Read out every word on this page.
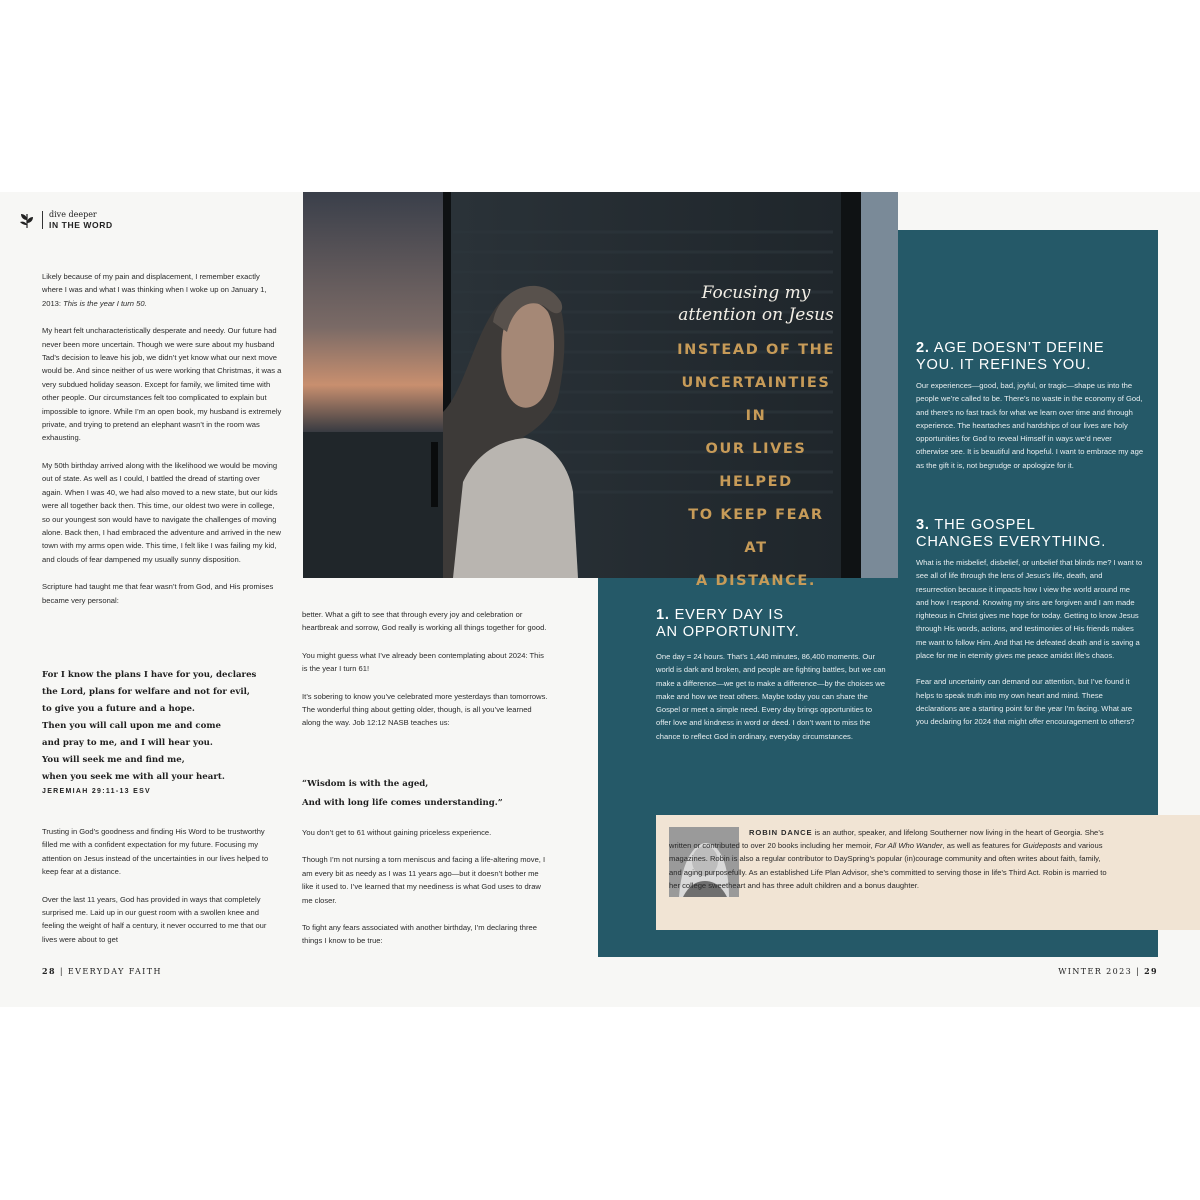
dive deeper
IN THE WORD

Likely because of my pain and displacement, I remember exactly where I was and what I was thinking when I woke up on January 1, 2013: This is the year I turn 50.

My heart felt uncharacteristically desperate and needy. Our future had never been more uncertain. Though we were sure about my husband Tad’s decision to leave his job, we didn’t yet know what our next move would be. And since neither of us were working that Christmas, it was a very subdued holiday season. Except for family, we limited time with other people. Our circumstances felt too complicated to explain but impossible to ignore. While I’m an open book, my husband is extremely private, and trying to pretend an elephant wasn’t in the room was exhausting.

My 50th birthday arrived along with the likelihood we would be moving out of state. As well as I could, I battled the dread of starting over again. When I was 40, we had also moved to a new state, but our kids were all together back then. This time, our oldest two were in college, so our youngest son would have to navigate the challenges of moving alone. Back then, I had embraced the adventure and arrived in the new town with my arms open wide. This time, I felt like I was failing my kid, and clouds of fear dampened my usually sunny disposition.

Scripture had taught me that fear wasn’t from God, and His promises became very personal:

For I know the plans I have for you, declares

the Lord, plans for welfare and not for evil,

to give you a future and a hope.

Then you will call upon me and come

and pray to me, and I will hear you.

You will seek me and find me,

when you seek me with all your heart.

JEREMIAH 29:11-13 ESV

Trusting in God’s goodness and finding His Word to be trustworthy filled me with a confident expectation for my future. Focusing my attention on Jesus instead of the uncertainties in our lives helped to keep fear at a distance.

Over the last 11 years, God has provided in ways that completely surprised me. Laid up in our guest room with a swollen knee and feeling the weight of half a century, it never occurred to me that our lives were about to get

better. What a gift to see that through every joy and celebration or heartbreak and sorrow, God really is working all things together for good.

You might guess what I’ve already been contemplating about 2024: This is the year I turn 61!

It’s sobering to know you’ve celebrated more yesterdays than tomorrows. The wonderful thing about getting older, though, is all you’ve learned along the way. Job 12:12 NASB teaches us:

“Wisdom is with the aged,

And with long life comes understanding.”

You don’t get to 61 without gaining priceless experience.

Though I’m not nursing a torn meniscus and facing a life-altering move, I am every bit as needy as I was 11 years ago—but it doesn’t bother me like it used to. I’ve learned that my neediness is what God uses to draw me closer.

To fight any fears associated with another birthday, I’m declaring three things I know to be true:

Focusing my
attention on Jesus
INSTEAD OF THE
UNCERTAINTIES IN
OUR LIVES HELPED
TO KEEP FEAR AT
A DISTANCE.
1. EVERY DAY IS
AN OPPORTUNITY.

One day = 24 hours. That’s 1,440 minutes, 86,400 moments. Our world is dark and broken, and people are fighting battles, but we can make a difference—we get to make a difference—by the choices we make and how we treat others. Maybe today you can share the Gospel or meet a simple need. Every day brings opportunities to offer love and kindness in word or deed. I don’t want to miss the chance to reflect God in ordinary, everyday circumstances.

2. AGE DOESN’T DEFINE
YOU. IT REFINES YOU.

Our experiences—good, bad, joyful, or tragic—shape us into the people we’re called to be. There’s no waste in the economy of God, and there’s no fast track for what we learn over time and through experience. The heartaches and hardships of our lives are holy opportunities for God to reveal Himself in ways we’d never otherwise see. It is beautiful and hopeful. I want to embrace my age as the gift it is, not begrudge or apologize for it.

3. THE GOSPEL
CHANGES EVERYTHING.

What is the misbelief, disbelief, or unbelief that blinds me? I want to see all of life through the lens of Jesus’s life, death, and resurrection because it impacts how I view the world around me and how I respond. Knowing my sins are forgiven and I am made righteous in Christ gives me hope for today. Getting to know Jesus through His words, actions, and testimonies of His friends makes me want to follow Him. And that He defeated death and is saving a place for me in eternity gives me peace amidst life’s chaos.

Fear and uncertainty can demand our attention, but I’ve found it helps to speak truth into my own heart and mind. These declarations are a starting point for the year I’m facing. What are you declaring for 2024 that might offer encouragement to others?

ROBIN DANCE is an author, speaker, and lifelong Southerner now living in the heart of Georgia. She’s written or contributed to over 20 books including her memoir, For All Who Wander, as well as features for Guideposts and various magazines. Robin is also a regular contributor to DaySpring’s popular (in)courage community and often writes about faith, family, and aging purposefully. As an established Life Plan Advisor, she’s committed to serving those in life’s Third Act. Robin is married to her college sweetheart and has three adult children and a bonus daughter.
28 | EVERYDAY FAITH	WINTER 2023 | 29
